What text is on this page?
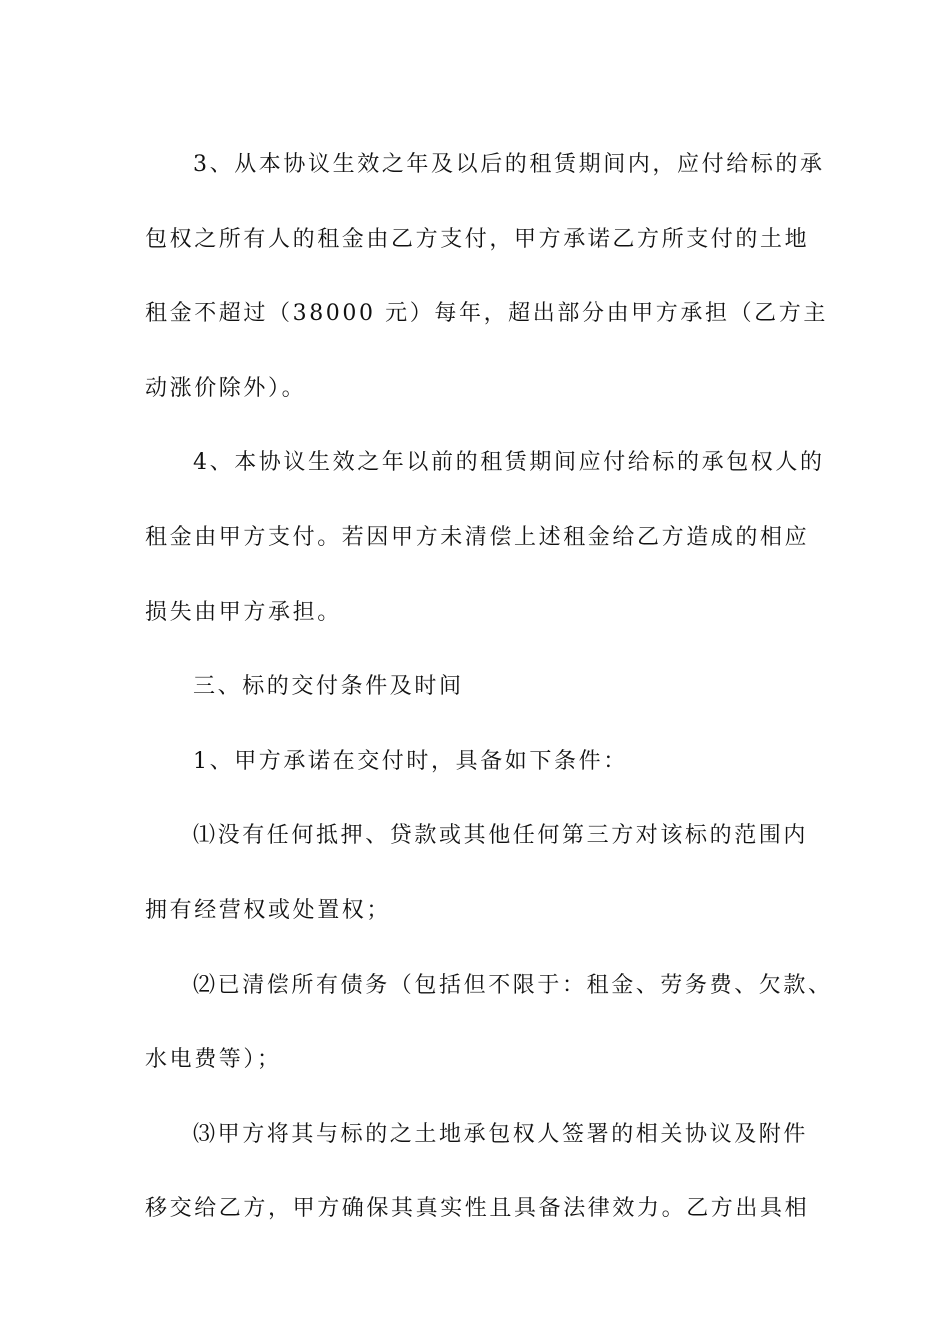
3、从本协议生效之年及以后的租赁期间内，应付给标的承
包权之所有人的租金由乙方支付，甲方承诺乙方所支付的土地
租金不超过（38000 元）每年，超出部分由甲方承担（乙方主
动涨价除外）。
4、本协议生效之年以前的租赁期间应付给标的承包权人的
租金由甲方支付。若因甲方未清偿上述租金给乙方造成的相应
损失由甲方承担。
三、标的交付条件及时间
1、甲方承诺在交付时，具备如下条件：
⑴没有任何抵押、贷款或其他任何第三方对该标的范围内
拥有经营权或处置权；
⑵已清偿所有债务（包括但不限于：租金、劳务费、欠款、
水电费等）；
⑶甲方将其与标的之土地承包权人签署的相关协议及附件
移交给乙方，甲方确保其真实性且具备法律效力。乙方出具相
